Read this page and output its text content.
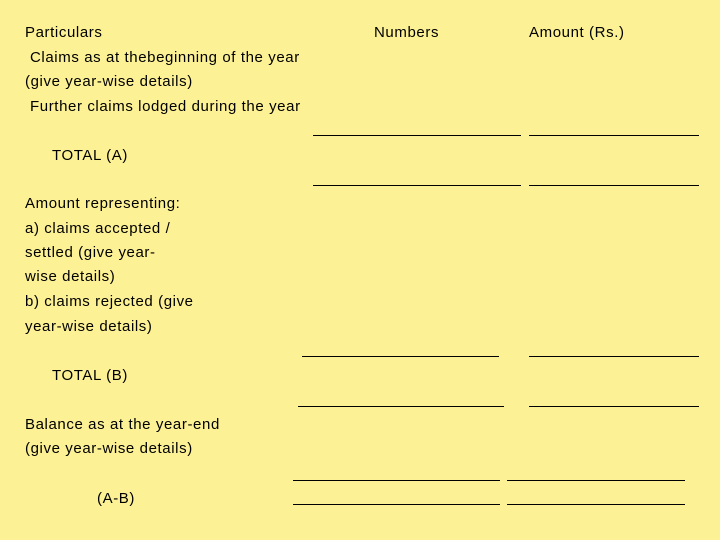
Particulars	Numbers	Amount (Rs.)
Claims as at thebeginning of the year
(give year-wise details)
Further claims lodged during the year
TOTAL (A)
Amount representing:
a) claims accepted /
settled (give year-
wise details)
b) claims rejected (give
year-wise details)
TOTAL (B)
Balance as at the year-end
(give year-wise details)
(A-B)
